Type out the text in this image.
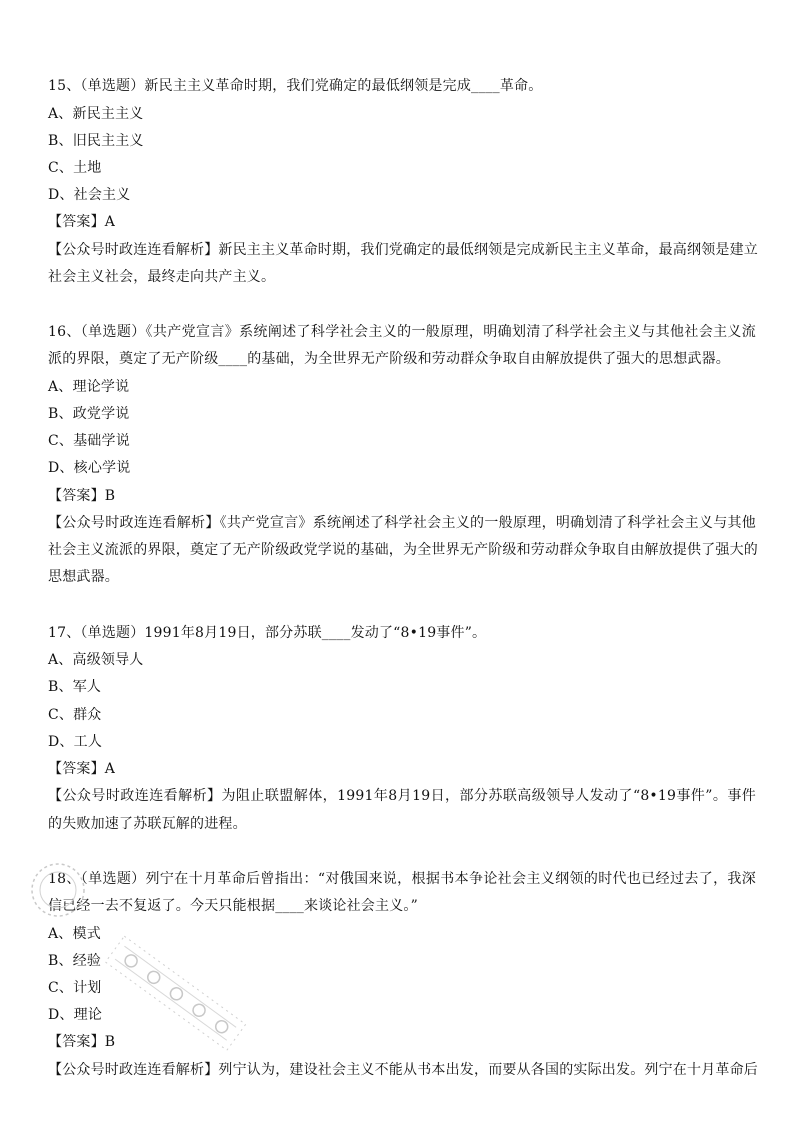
15、（单选题）新民主主义革命时期，我们党确定的最低纲领是完成____革命。
A、新民主主义
B、旧民主主义
C、土地
D、社会主义
【答案】A
【公众号时政连连看解析】新民主主义革命时期，我们党确定的最低纲领是完成新民主主义革命，最高纲领是建立
社会主义社会，最终走向共产主义。
16、（单选题）《共产党宣言》系统阐述了科学社会主义的一般原理，明确划清了科学社会主义与其他社会主义流
派的界限，奠定了无产阶级____的基础，为全世界无产阶级和劳动群众争取自由解放提供了强大的思想武器。
A、理论学说
B、政党学说
C、基础学说
D、核心学说
【答案】B
【公众号时政连连看解析】《共产党宣言》系统阐述了科学社会主义的一般原理，明确划清了科学社会主义与其他
社会主义流派的界限，奠定了无产阶级政党学说的基础，为全世界无产阶级和劳动群众争取自由解放提供了强大的
思想武器。
17、（单选题）1991年8月19日，部分苏联____发动了“8•19事件”。
A、高级领导人
B、军人
C、群众
D、工人
【答案】A
【公众号时政连连看解析】为阻止联盟解体，1991年8月19日，部分苏联高级领导人发动了“8•19事件”。事件
的失败加速了苏联瓦解的进程。
18、（单选题）列宁在十月革命后曾指出：“对俄国来说，根据书本争论社会主义纲领的时代也已经过去了，我深
信已经一去不复返了。今天只能根据____来谈论社会主义。”
A、模式
B、经验
C、计划
D、理论
【答案】B
【公众号时政连连看解析】列宁认为，建设社会主义不能从书本出发，而要从各国的实际出发。列宁在十月革命后
